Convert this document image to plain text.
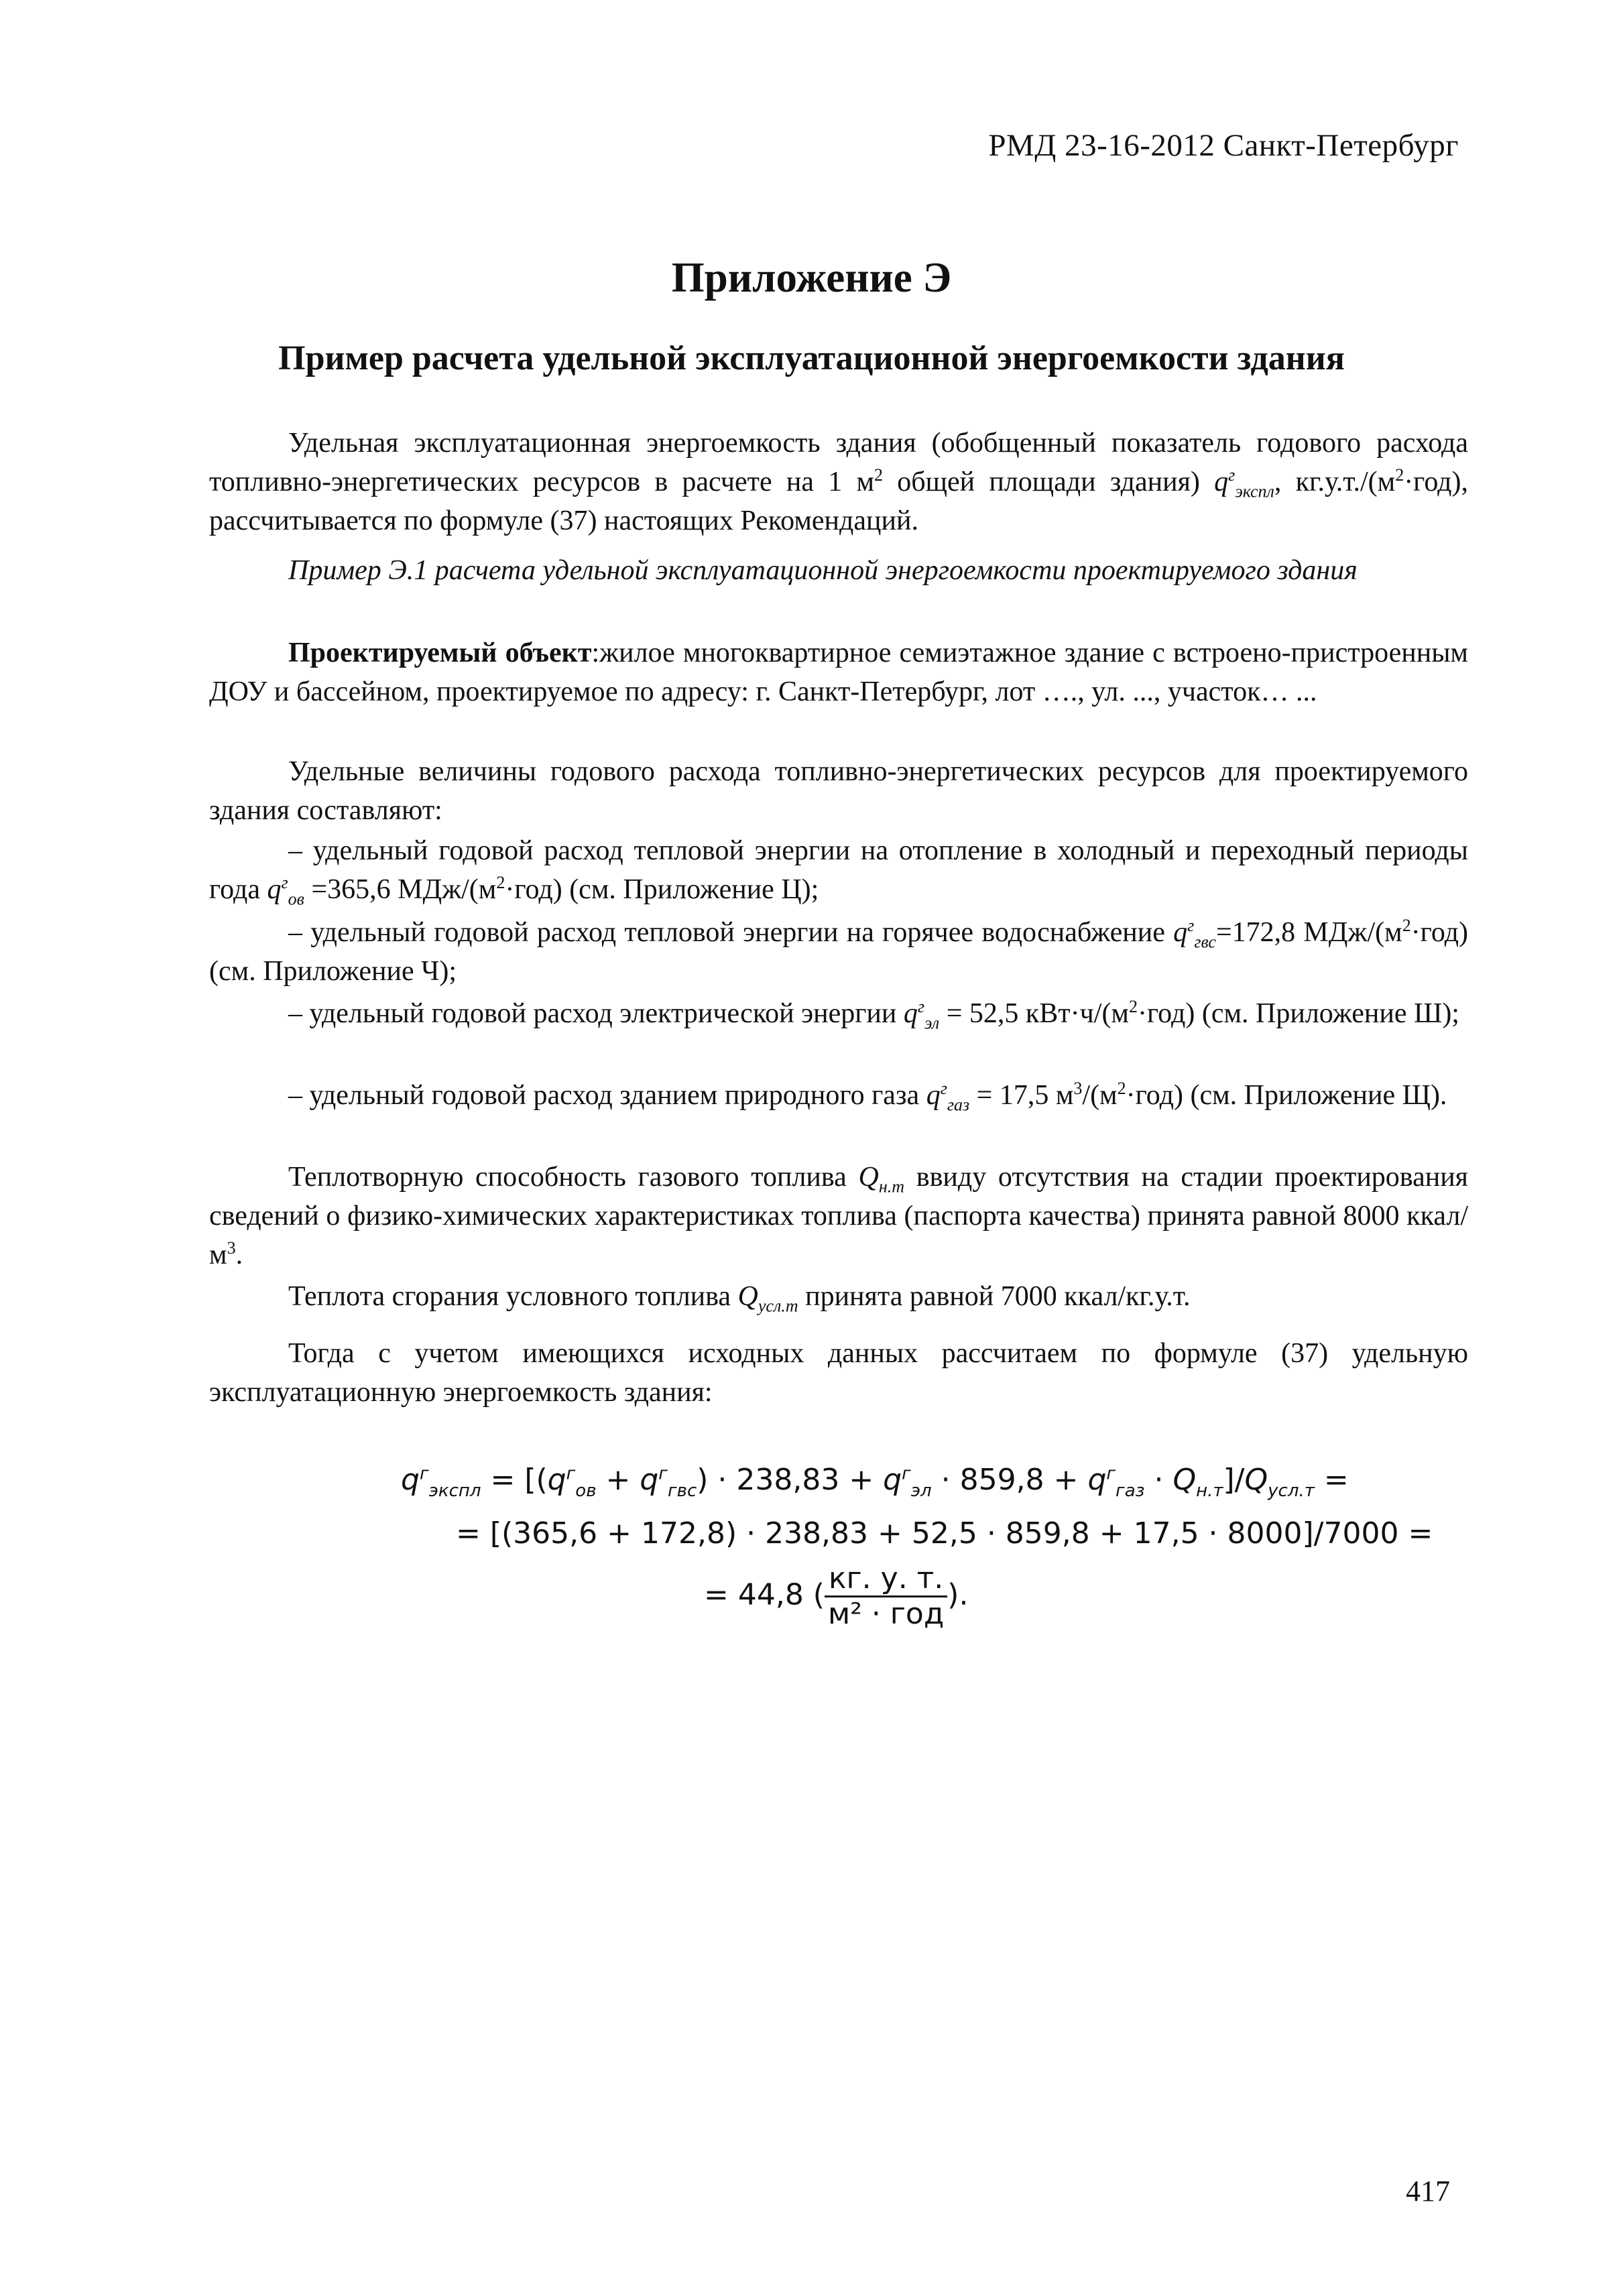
РМД 23-16-2012 Санкт-Петербург
Приложение Э
Пример расчета удельной эксплуатационной энергоемкости здания

Удельная эксплуатационная энергоемкость здания (обобщенный показатель годового расхода топливно-энергетических ресурсов в расчете на 1 $м^2$ общей площади здания) $q^г_{экспл}$, $кг.у.т./(м^2\cdot год)$, рассчитывается по формуле (37) настоящих Рекомендаций.

Пример Э.1 расчета удельной эксплуатационной энергоемкости проектируемого здания

Проектируемый объект:жилое многоквартирное семиэтажное здание с встроено-пристроенным ДОУ и бассейном, проектируемое по адресу: г. Санкт-Петербург, лот …., ул. ..., участок… ...

Удельные величины годового расхода топливно-энергетических ресурсов для проектируемого здания составляют:

– удельный годовой расход тепловой энергии на отопление в холодный и переходный периоды года $q^г_{ов} =365,6$ МДж/$(м^2\cdot год)$ (см. Приложение Ц);

– удельный годовой расход тепловой энергии на горячее водоснабжение $q^г_{гвс}=172,8$ МДж/$(м^2\cdot год)$ (см. Приложение Ч);

– удельный годовой расход электрической энергии $q^г_{эл} = 52,5$ $кВт\cdot ч/(м^2\cdot год)$ (см. Приложение Ш);

– удельный годовой расход зданием природного газа $q^г_{газ} = 17,5$ $м^3/(м^2\cdot год)$ (см. Приложение Щ).

Теплотворную способность газового топлива $Q_{н.т}$ ввиду отсутствия на стадии проектирования сведений о физико-химических характеристиках топлива (паспорта качества) принята равной 8000 ккал/$м^3$.

Теплота сгорания условного топлива $Q_{усл.т}$ принята равной 7000 ккал/кг.у.т.

Тогда с учетом имеющихся исходных данных рассчитаем по формуле (37) удельную эксплуатационную энергоемкость здания:

$q^г_{экспл} = [(q^г_{ов} + q^г_{гвс}) \cdot 238,83 + q^г_{эл} \cdot 859,8 + q^г_{газ} \cdot Q_{н.т}]/Q_{усл.т}$ =
= [(365,6 + 172,8) · 238,83 + 52,5 · 859,8 + 17,5 · 8000]/7000 =
= 44,8 ( $\frac{кг. у. т.}{\text{м² · год}}$ ).
417
